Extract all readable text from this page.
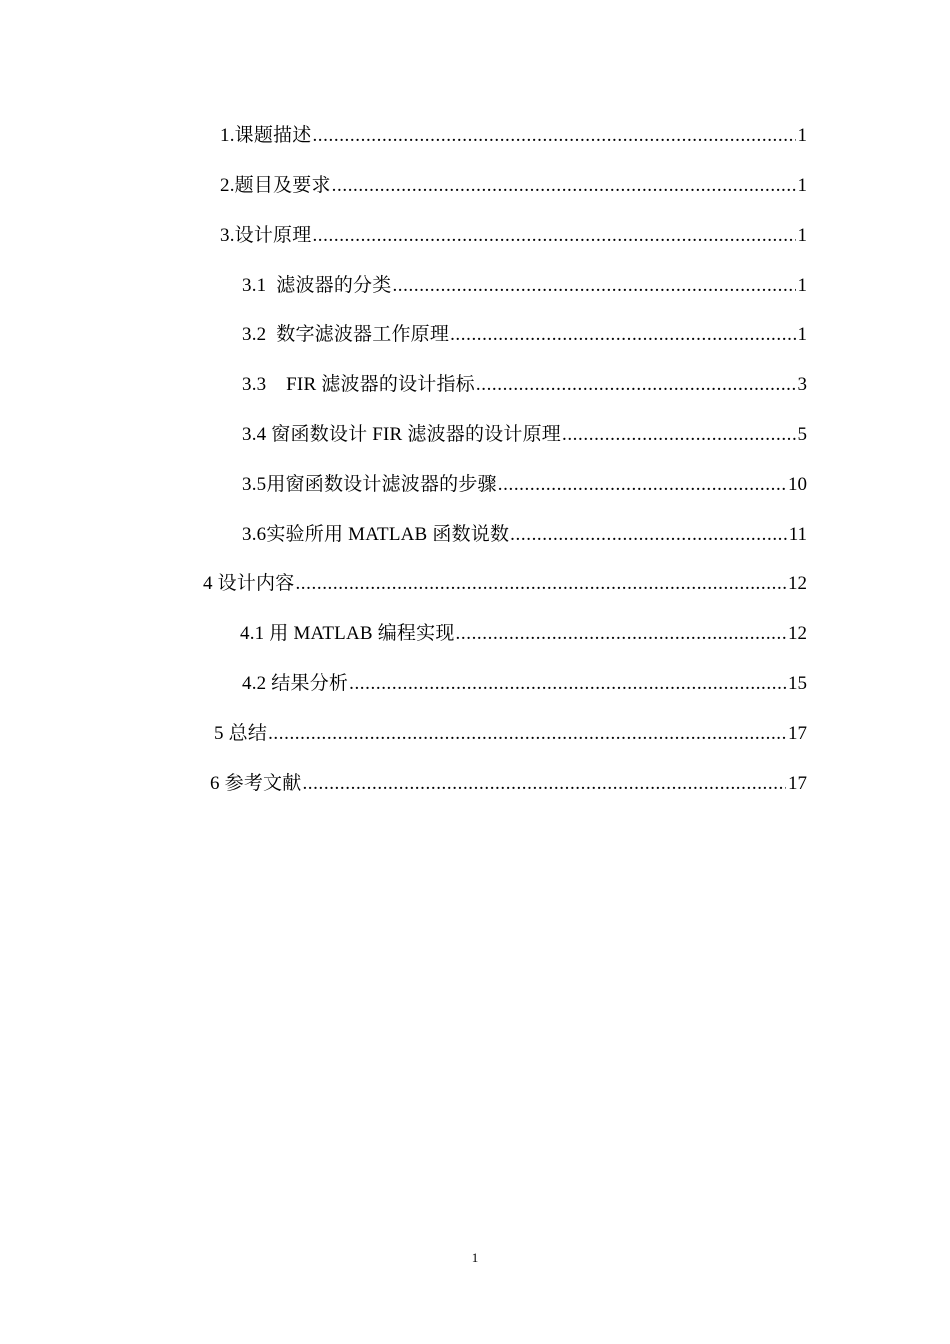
1.课题描述 .....	1
2.题目及要求 .....	1
3.设计原理 .....	1
3.1  滤波器的分类 .....	1
3.2  数字滤波器工作原理 .....	1
3.3    FIR 滤波器的设计指标 .....	3
3.4 窗函数设计 FIR 滤波器的设计原理 .....	5
3.5用窗函数设计滤波器的步骤 .....	10
3.6实验所用 MATLAB 函数说数 .....	11
4 设计内容 .....	12
4.1 用 MATLAB 编程实现 .....	12
4.2 结果分析 .....	15
5 总结 .....	17
6 参考文献 .....	17
1
